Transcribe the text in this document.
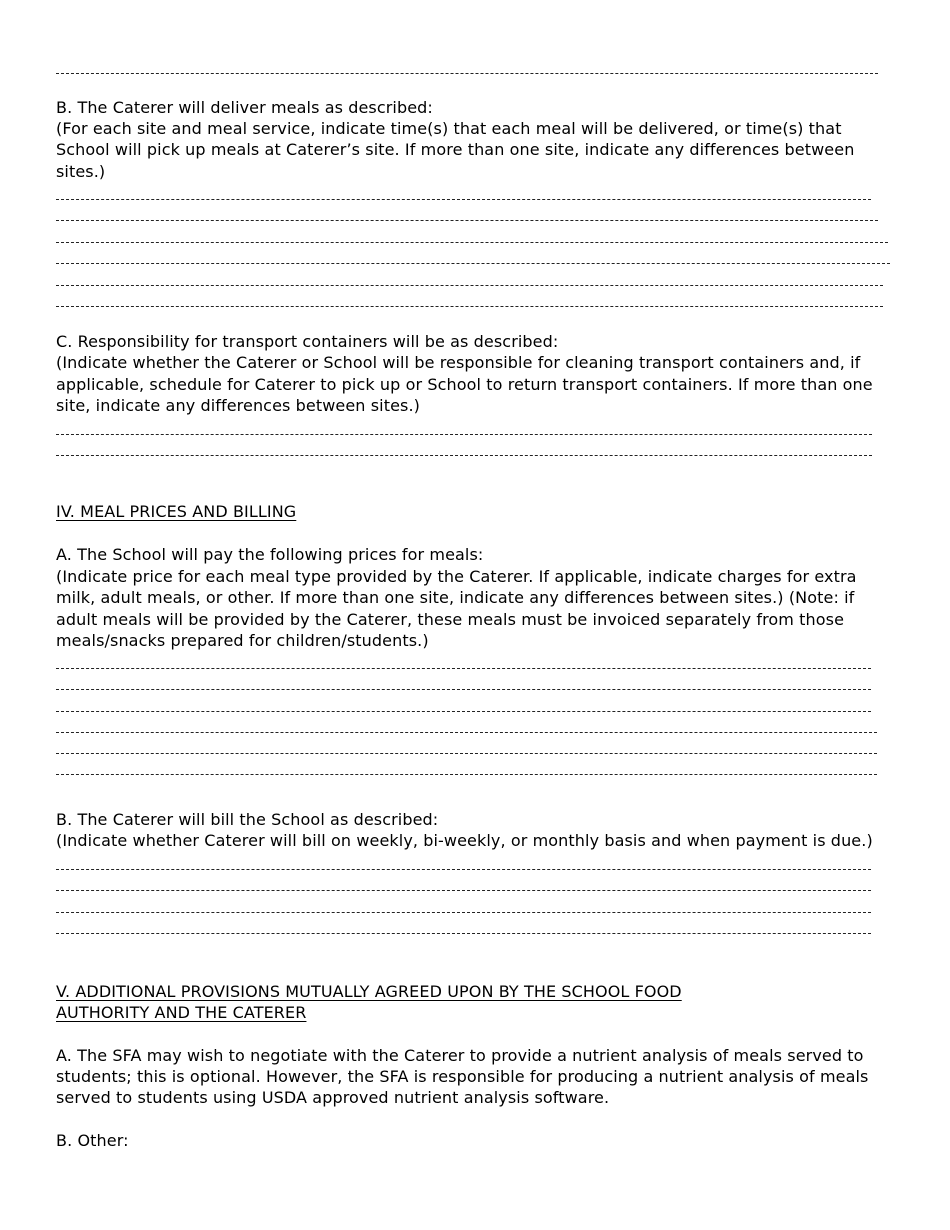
B. The Caterer will deliver meals as described:
(For each site and meal service, indicate time(s) that each meal will be delivered, or time(s) that
School will pick up meals at Caterer’s site. If more than one site, indicate any differences between
sites.)
C. Responsibility for transport containers will be as described:
(Indicate whether the Caterer or School will be responsible for cleaning transport containers and, if
applicable, schedule for Caterer to pick up or School to return transport containers. If more than one
site, indicate any differences between sites.)
IV. MEAL PRICES AND BILLING
A. The School will pay the following prices for meals:
(Indicate price for each meal type provided by the Caterer. If applicable, indicate charges for extra
milk, adult meals, or other. If more than one site, indicate any differences between sites.) (Note: if
adult meals will be provided by the Caterer, these meals must be invoiced separately from those
meals/snacks prepared for children/students.)
B. The Caterer will bill the School as described:
(Indicate whether Caterer will bill on weekly, bi-weekly, or monthly basis and when payment is due.)
V. ADDITIONAL PROVISIONS MUTUALLY AGREED UPON BY THE SCHOOL FOOD
AUTHORITY AND THE CATERER
A. The SFA may wish to negotiate with the Caterer to provide a nutrient analysis of meals served to
students; this is optional. However, the SFA is responsible for producing a nutrient analysis of meals
served to students using USDA approved nutrient analysis software.
B. Other:
